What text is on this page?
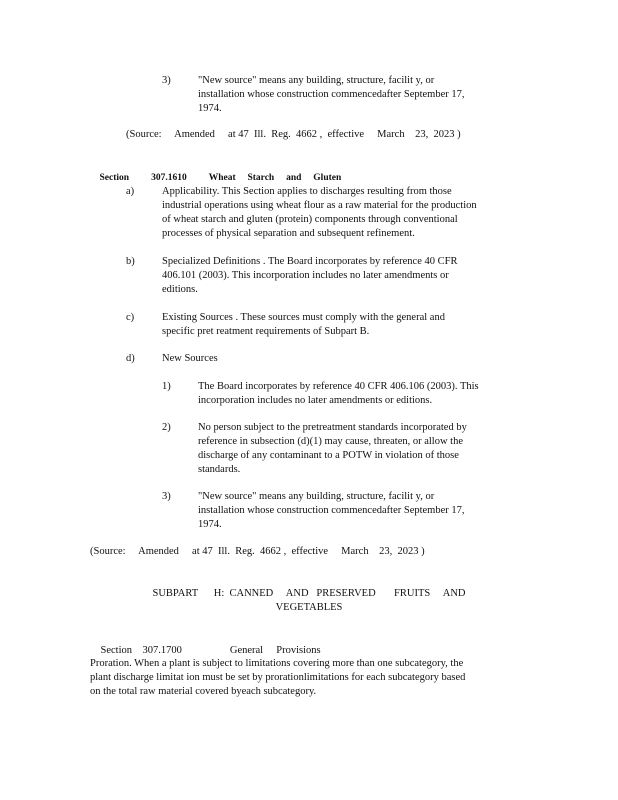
3)	"New source" means any building, structure, facilit y, or
installation whose construction commencedafter September 17,
1974.
(Source:     Amended     at 47  Ill.  Reg.  4662 ,  effective     March    23,  2023 )

Section 307.1610 Wheat     Starch     and     Gluten

a)	Applicability. This Section applies to discharges resulting from those
industrial operations using wheat flour as a raw material for the production
of wheat starch and gluten (protein) components through conventional
processes of physical separation and subsequent refinement.
b)	Specialized Definitions . The Board incorporates by reference 40 CFR
406.101 (2003). This incorporation includes no later amendments or
editions.
c)	Existing Sources . These sources must comply with the general and
specific pret reatment requirements of Subpart B.
d)	New Sources
1)	The Board incorporates by reference 40 CFR 406.106 (2003). This
incorporation includes no later amendments or editions.
2)	No person subject to the pretreatment standards incorporated by
reference in subsection (d)(1) may cause, threaten, or allow the
discharge of any contaminant to a POTW in violation of those
standards.
3)	"New source" means any building, structure, facilit y, or
installation whose construction commencedafter September 17,
1974.
(Source:     Amended     at 47  Ill.  Reg.  4662 ,  effective     March    23,  2023 )
SUBPART      H:  CANNED     AND   PRESERVED       FRUITS     AND
VEGETABLES

Section    307.1700	General     Provisions

Proration. When a plant is subject to limitations covering more than one subcategory, the
plant discharge limitat ion must be set by prorationlimitations for each subcategory based
on the total raw material covered byeach subcategory.
